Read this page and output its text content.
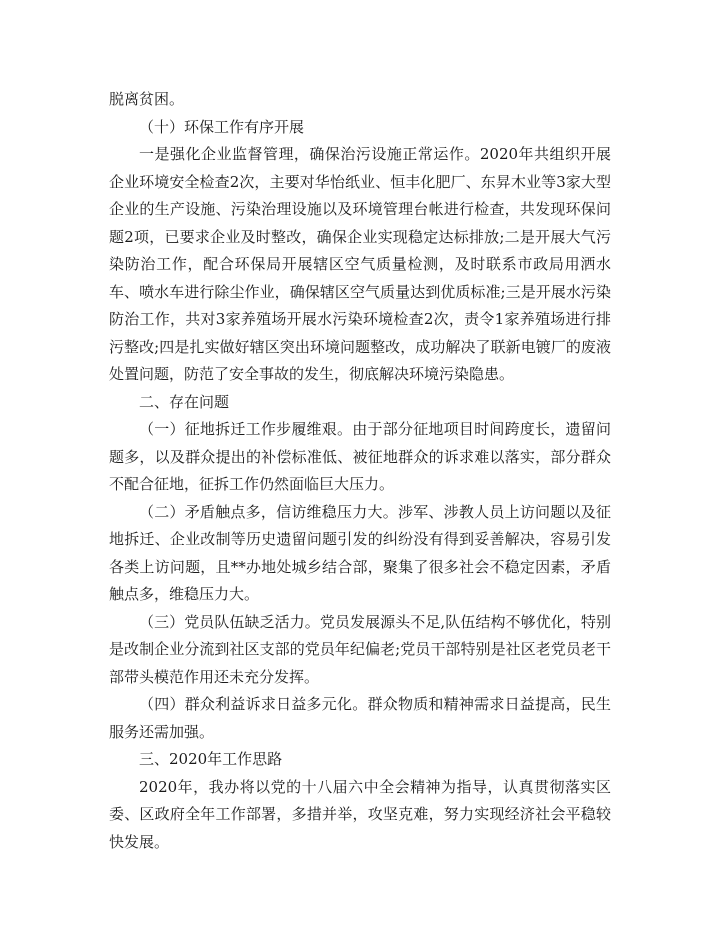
脱离贫困。

（十）环保工作有序开展

一是强化企业监督管理，确保治污设施正常运作。2020年共组织开展企业环境安全检查2次，主要对华怡纸业、恒丰化肥厂、东昇木业等3家大型企业的生产设施、污染治理设施以及环境管理台帐进行检查，共发现环保问题2项，已要求企业及时整改，确保企业实现稳定达标排放;二是开展大气污染防治工作，配合环保局开展辖区空气质量检测，及时联系市政局用洒水车、喷水车进行除尘作业，确保辖区空气质量达到优质标准;三是开展水污染防治工作，共对3家养殖场开展水污染环境检查2次，责令1家养殖场进行排污整改;四是扎实做好辖区突出环境问题整改，成功解决了联新电镀厂的废液处置问题，防范了安全事故的发生，彻底解决环境污染隐患。

二、存在问题

（一）征地拆迁工作步履维艰。由于部分征地项目时间跨度长，遗留问题多，以及群众提出的补偿标准低、被征地群众的诉求难以落实，部分群众不配合征地，征拆工作仍然面临巨大压力。

（二）矛盾触点多，信访维稳压力大。涉军、涉教人员上访问题以及征地拆迁、企业改制等历史遗留问题引发的纠纷没有得到妥善解决，容易引发各类上访问题，且**办地处城乡结合部，聚集了很多社会不稳定因素，矛盾触点多，维稳压力大。

（三）党员队伍缺乏活力。党员发展源头不足,队伍结构不够优化，特别是改制企业分流到社区支部的党员年纪偏老;党员干部特别是社区老党员老干部带头模范作用还未充分发挥。

（四）群众利益诉求日益多元化。群众物质和精神需求日益提高，民生服务还需加强。

三、2020年工作思路

2020年，我办将以党的十八届六中全会精神为指导，认真贯彻落实区委、区政府全年工作部署，多措并举，攻坚克难，努力实现经济社会平稳较快发展。
